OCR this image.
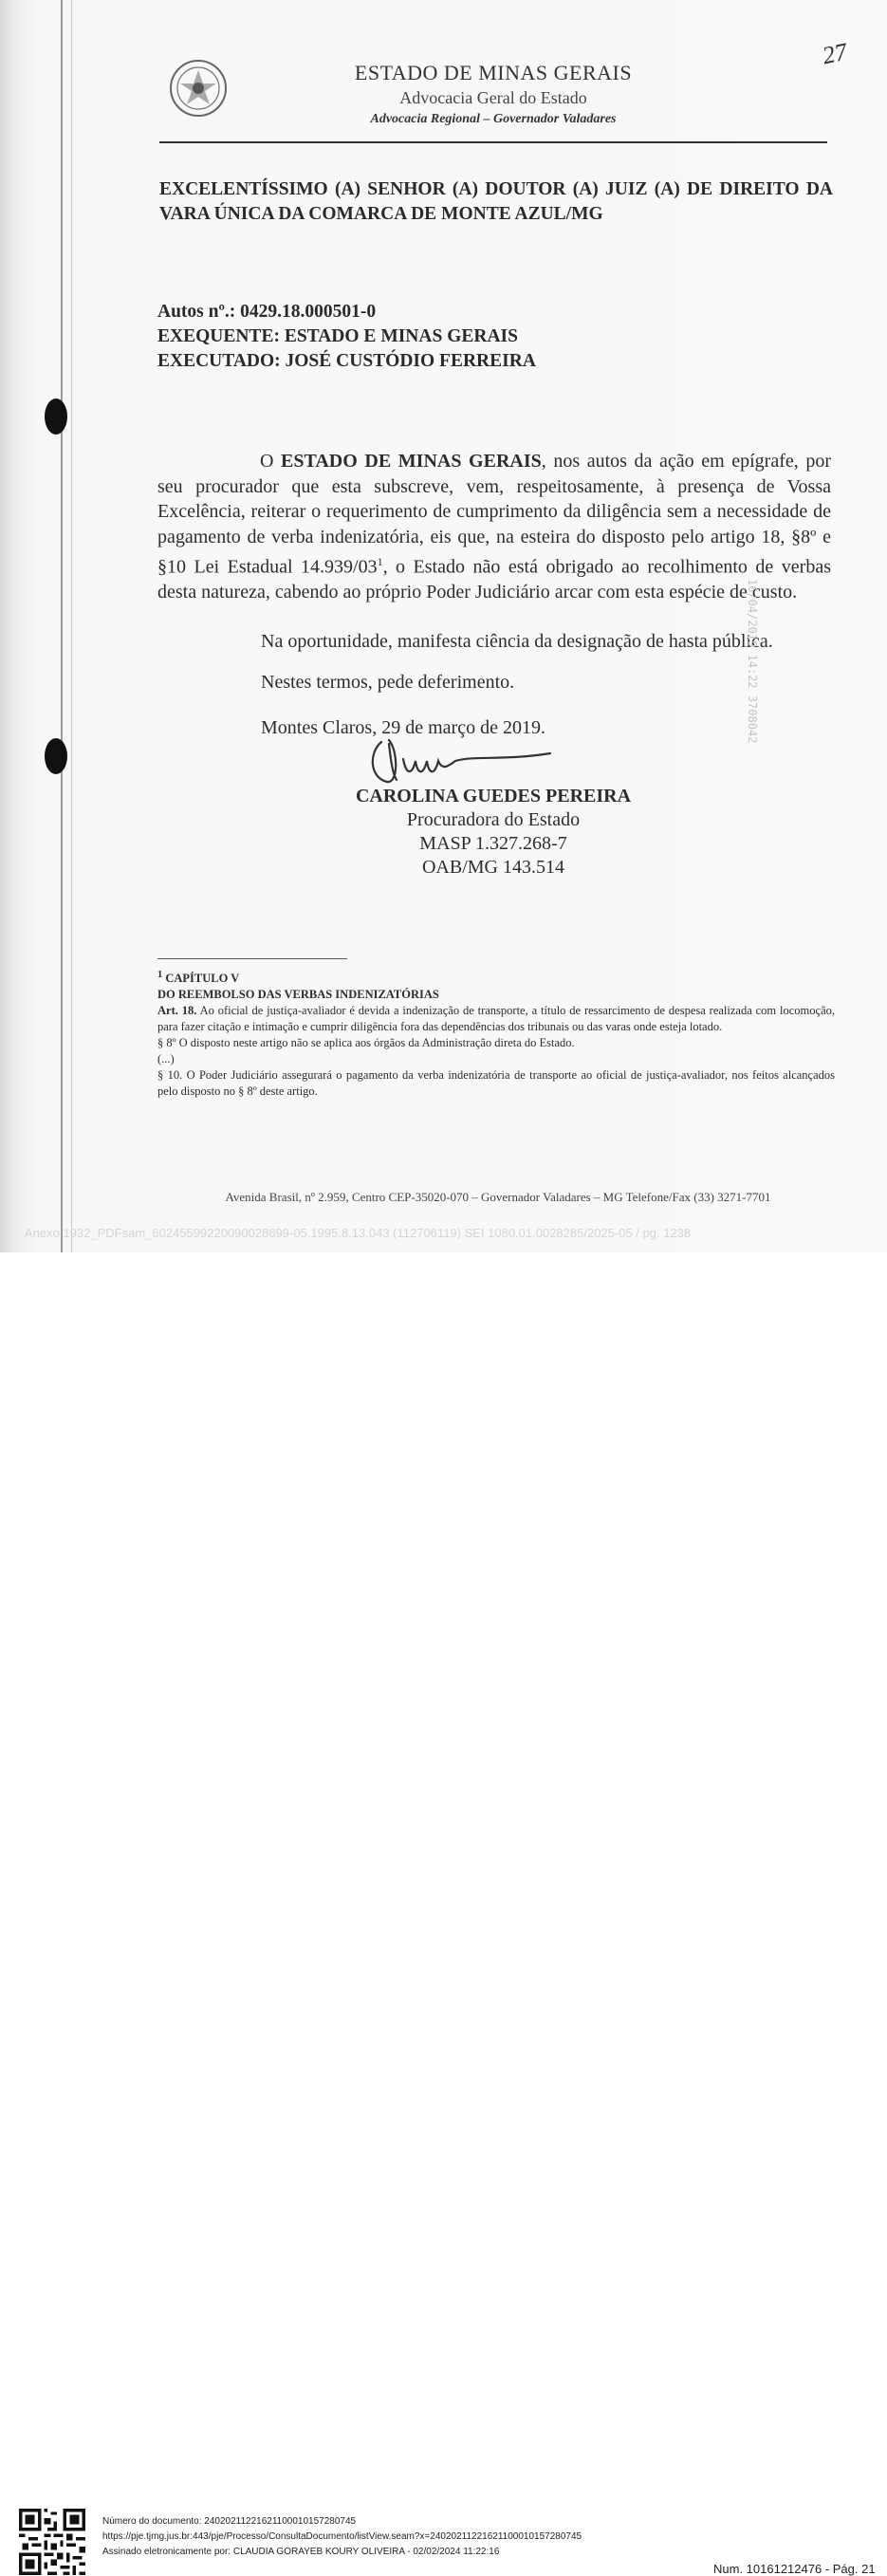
27
ESTADO DE MINAS GERAIS
Advocacia Geral do Estado
Advocacia Regional – Governador Valadares
EXCELENTÍSSIMO (A) SENHOR (A) DOUTOR (A) JUIZ (A) DE DIREITO DA VARA ÚNICA DA COMARCA DE MONTE AZUL/MG
Autos nº.: 0429.18.000501-0
EXEQUENTE: ESTADO E MINAS GERAIS
EXECUTADO: JOSÉ CUSTÓDIO FERREIRA
O ESTADO DE MINAS GERAIS, nos autos da ação em epígrafe, por seu procurador que esta subscreve, vem, respeitosamente, à presença de Vossa Excelência, reiterar o requerimento de cumprimento da diligência sem a necessidade de pagamento de verba indenizatória, eis que, na esteira do disposto pelo artigo 18, §8º e §10 Lei Estadual $14.939/03^1$, o Estado não está obrigado ao recolhimento de verbas desta natureza, cabendo ao próprio Poder Judiciário arcar com esta espécie de custo.
Na oportunidade, manifesta ciência da designação de hasta pública.
Nestes termos, pede deferimento.
Montes Claros, 29 de março de 2019.
CAROLINA GUEDES PEREIRA
Procuradora do Estado
MASP 1.327.268-7
OAB/MG 143.514
16/04/2019 14:22 3708042
$^1$ CAPÍTULO V
DO REEMBOLSO DAS VERBAS INDENIZATÓRIAS
Art. 18. Ao oficial de justiça-avaliador é devida a indenização de transporte, a título de ressarcimento de despesa realizada com locomoção, para fazer citação e intimação e cumprir diligência fora das dependências dos tribunais ou das varas onde esteja lotado.
§ 8º O disposto neste artigo não se aplica aos órgãos da Administração direta do Estado.
(...)
§ 10. O Poder Judiciário assegurará o pagamento da verba indenizatória de transporte ao oficial de justiça-avaliador, nos feitos alcançados pelo disposto no § 8º deste artigo.
Avenida Brasil, nº 2.959, Centro CEP-35020-070 – Governador Valadares – MG Telefone/Fax (33) 3271-7701
Anexo 1932_PDFsam_6024559922009002869​9-05.1995.8.13.043 (112706119) SEI 1080.01.0028285/2025-05 / pg. 1238
Número do documento: 24020211221621100010157280745
https://pje.tjmg.jus.br:443/pje/Processo/ConsultaDocumento/listView.seam?x=24020211221621100010157280745
Assinado eletronicamente por: CLAUDIA GORAYEB KOURY OLIVEIRA - 02/02/2024 11:22:16
Num. 10161212476 - Pág. 21
